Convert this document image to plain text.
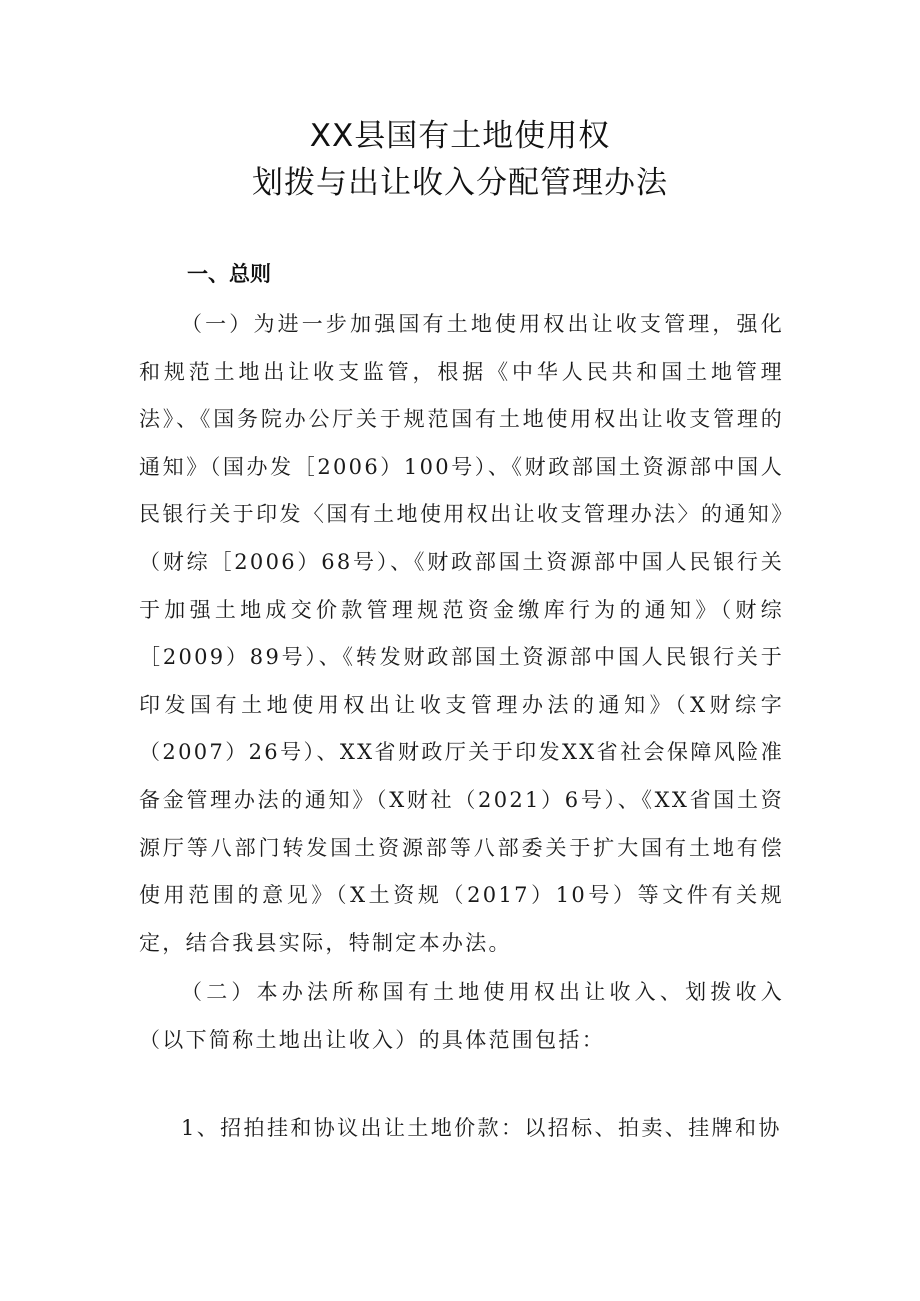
XX县国有土地使用权
划拨与出让收入分配管理办法
一、总则
（一）为进一步加强国有土地使用权出让收支管理，强化和规范土地出让收支监管，根据《中华人民共和国土地管理法》、《国务院办公厅关于规范国有土地使用权出让收支管理的通知》（国办发［2006）100号）、《财政部国土资源部中国人民银行关于印发〈国有土地使用权出让收支管理办法〉的通知》（财综［2006）68号）、《财政部国土资源部中国人民银行关于加强土地成交价款管理规范资金缴库行为的通知》（财综［2009）89号）、《转发财政部国土资源部中国人民银行关于印发国有土地使用权出让收支管理办法的通知》（X财综字（2007）26号）、XX省财政厅关于印发XX省社会保障风险准备金管理办法的通知》（X财社（2021）6号）、《XX省国土资源厅等八部门转发国土资源部等八部委关于扩大国有土地有偿使用范围的意见》（X土资规（2017）10号）等文件有关规定，结合我县实际，特制定本办法。
（二）本办法所称国有土地使用权出让收入、划拨收入（以下简称土地出让收入）的具体范围包括：
1、招拍挂和协议出让土地价款：以招标、拍卖、挂牌和协
